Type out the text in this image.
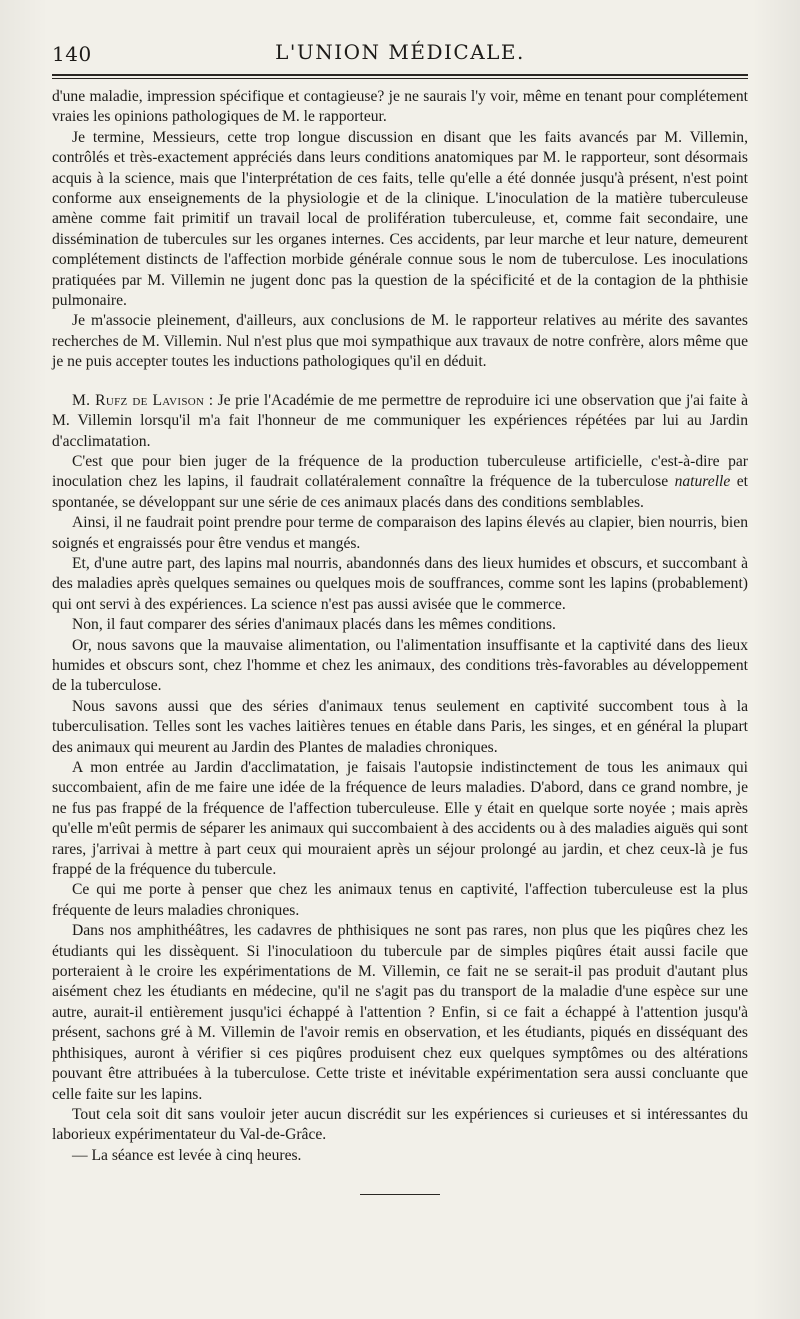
140	L'UNION MÉDICALE.

d'une maladie, impression spécifique et contagieuse? je ne saurais l'y voir, même en tenant pour complétement vraies les opinions pathologiques de M. le rapporteur.

Je termine, Messieurs, cette trop longue discussion en disant que les faits avancés par M. Villemin, contrôlés et très-exactement appréciés dans leurs conditions anatomiques par M. le rapporteur, sont désormais acquis à la science, mais que l'interprétation de ces faits, telle qu'elle a été donnée jusqu'à présent, n'est point conforme aux enseignements de la physiologie et de la clinique. L'inoculation de la matière tuberculeuse amène comme fait primitif un travail local de prolifération tuberculeuse, et, comme fait secondaire, une dissémination de tubercules sur les organes internes. Ces accidents, par leur marche et leur nature, demeurent complétement distincts de l'affection morbide générale connue sous le nom de tuberculose. Les inoculations pratiquées par M. Villemin ne jugent donc pas la question de la spécificité et de la contagion de la phthisie pulmonaire.

Je m'associe pleinement, d'ailleurs, aux conclusions de M. le rapporteur relatives au mérite des savantes recherches de M. Villemin. Nul n'est plus que moi sympathique aux travaux de notre confrère, alors même que je ne puis accepter toutes les inductions pathologiques qu'il en déduit.

M. Rufz de Lavison : Je prie l'Académie de me permettre de reproduire ici une observation que j'ai faite à M. Villemin lorsqu'il m'a fait l'honneur de me communiquer les expériences répétées par lui au Jardin d'acclimatation.

C'est que pour bien juger de la fréquence de la production tuberculeuse artificielle, c'est-à-dire par inoculation chez les lapins, il faudrait collatéralement connaître la fréquence de la tuberculose naturelle et spontanée, se développant sur une série de ces animaux placés dans des conditions semblables.

Ainsi, il ne faudrait point prendre pour terme de comparaison des lapins élevés au clapier, bien nourris, bien soignés et engraissés pour être vendus et mangés.

Et, d'une autre part, des lapins mal nourris, abandonnés dans des lieux humides et obscurs, et succombant à des maladies après quelques semaines ou quelques mois de souffrances, comme sont les lapins (probablement) qui ont servi à des expériences. La science n'est pas aussi avisée que le commerce.

Non, il faut comparer des séries d'animaux placés dans les mêmes conditions.

Or, nous savons que la mauvaise alimentation, ou l'alimentation insuffisante et la captivité dans des lieux humides et obscurs sont, chez l'homme et chez les animaux, des conditions très-favorables au développement de la tuberculose.

Nous savons aussi que des séries d'animaux tenus seulement en captivité succombent tous à la tuberculisation. Telles sont les vaches laitières tenues en étable dans Paris, les singes, et en général la plupart des animaux qui meurent au Jardin des Plantes de maladies chroniques.

A mon entrée au Jardin d'acclimatation, je faisais l'autopsie indistinctement de tous les animaux qui succombaient, afin de me faire une idée de la fréquence de leurs maladies. D'abord, dans ce grand nombre, je ne fus pas frappé de la fréquence de l'affection tuberculeuse. Elle y était en quelque sorte noyée ; mais après qu'elle m'eût permis de séparer les animaux qui succombaient à des accidents ou à des maladies aiguës qui sont rares, j'arrivai à mettre à part ceux qui mouraient après un séjour prolongé au jardin, et chez ceux-là je fus frappé de la fréquence du tubercule.

Ce qui me porte à penser que chez les animaux tenus en captivité, l'affection tuberculeuse est la plus fréquente de leurs maladies chroniques.

Dans nos amphithéâtres, les cadavres de phthisiques ne sont pas rares, non plus que les piqûres chez les étudiants qui les dissèquent. Si l'inoculatioon du tubercule par de simples piqûres était aussi facile que porteraient à le croire les expérimentations de M. Villemin, ce fait ne se serait-il pas produit d'autant plus aisément chez les étudiants en médecine, qu'il ne s'agit pas du transport de la maladie d'une espèce sur une autre, aurait-il entièrement jusqu'ici échappé à l'attention ? Enfin, si ce fait a échappé à l'attention jusqu'à présent, sachons gré à M. Villemin de l'avoir remis en observation, et les étudiants, piqués en disséquant des phthisiques, auront à vérifier si ces piqûres produisent chez eux quelques symptômes ou des altérations pouvant être attribuées à la tuberculose. Cette triste et inévitable expérimentation sera aussi concluante que celle faite sur les lapins.

Tout cela soit dit sans vouloir jeter aucun discrédit sur les expériences si curieuses et si intéressantes du laborieux expérimentateur du Val-de-Grâce.

— La séance est levée à cinq heures.
